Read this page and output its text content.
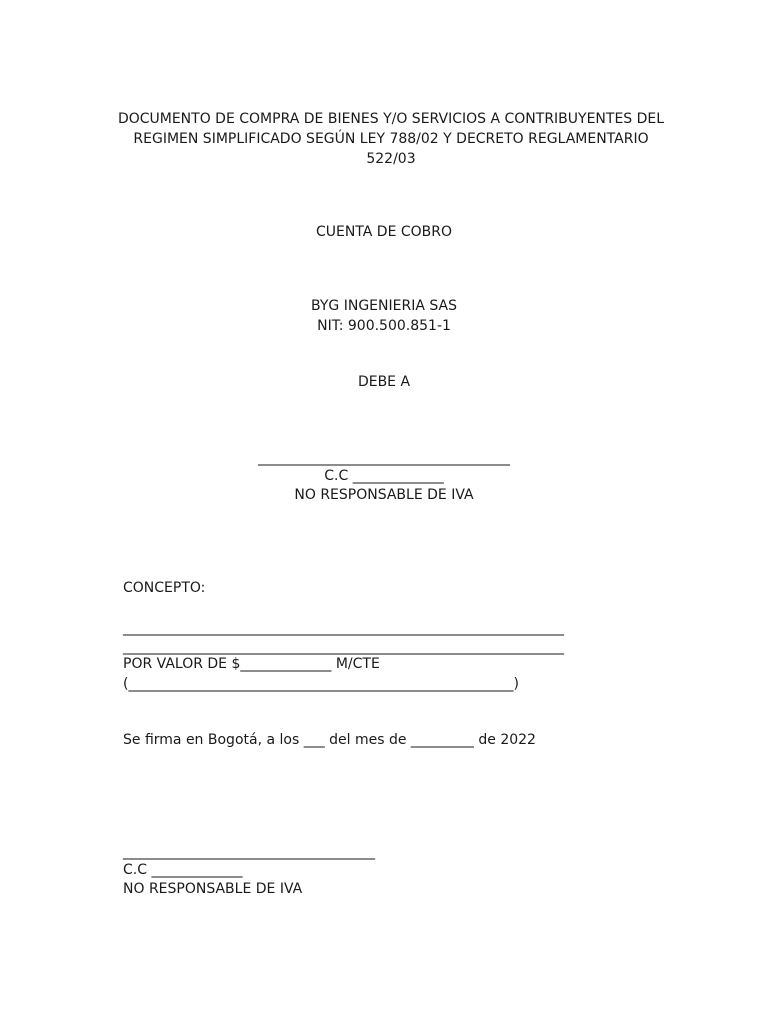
DOCUMENTO DE COMPRA DE BIENES Y/O SERVICIOS A CONTRIBUYENTES DEL
REGIMEN SIMPLIFICADO SEGÚN LEY 788/02 Y DECRETO REGLAMENTARIO
522/03
CUENTA DE COBRO
BYG INGENIERIA SAS
NIT: 900.500.851-1
DEBE A
____________________________________
C.C _____________
NO RESPONSABLE DE IVA
CONCEPTO:
_______________________________________________________________
_______________________________________________________________
POR VALOR DE $_____________ M/CTE
(_______________________________________________________)
Se firma en Bogotá, a los ___ del mes de _________ de 2022
____________________________________
C.C _____________
NO RESPONSABLE DE IVA
